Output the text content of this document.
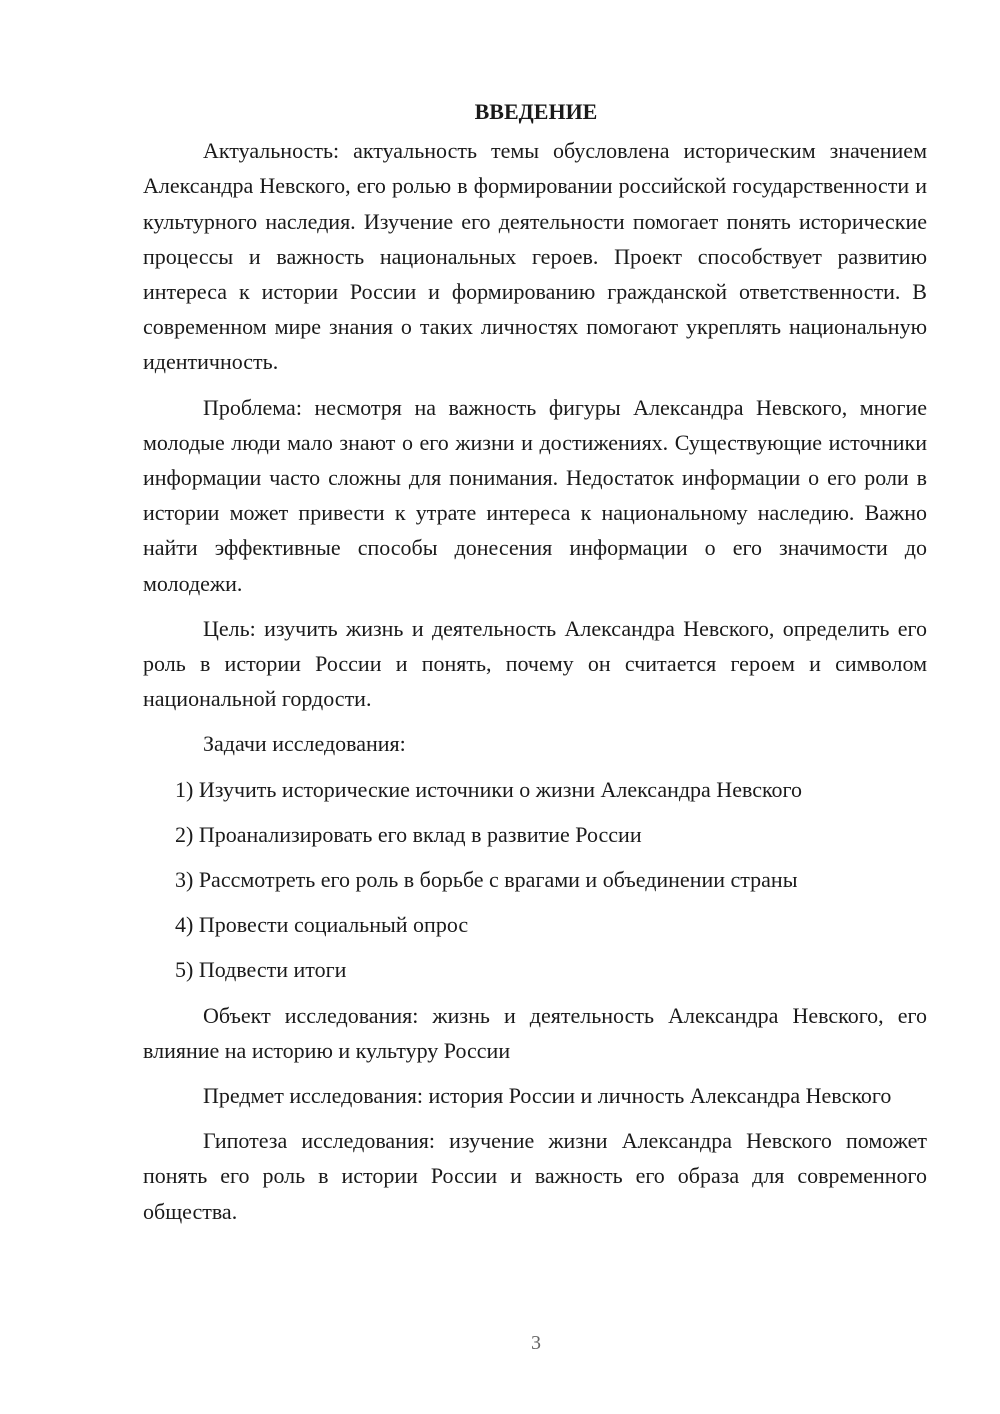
ВВЕДЕНИЕ

Актуальность: актуальность темы обусловлена историческим значением Александра Невского, его ролью в формировании российской государственности и культурного наследия. Изучение его деятельности помогает понять исторические процессы и важность национальных героев. Проект способствует развитию интереса к истории России и формированию гражданской ответственности. В современном мире знания о таких личностях помогают укреплять национальную идентичность.

Проблема: несмотря на важность фигуры Александра Невского, многие молодые люди мало знают о его жизни и достижениях. Существующие источники информации часто сложны для понимания. Недостаток информации о его роли в истории может привести к утрате интереса к национальному наследию. Важно найти эффективные способы донесения информации о его значимости до молодежи.

Цель: изучить жизнь и деятельность Александра Невского, определить его роль в истории России и понять, почему он считается героем и символом национальной гордости.

Задачи исследования:

1) Изучить исторические источники о жизни Александра Невского
2) Проанализировать его вклад в развитие России
3) Рассмотреть его роль в борьбе с врагами и объединении страны
4) Провести социальный опрос
5) Подвести итоги

Объект исследования: жизнь и деятельность Александра Невского, его влияние на историю и культуру России

Предмет исследования: история России и личность Александра Невского

Гипотеза исследования: изучение жизни Александра Невского поможет понять его роль в истории России и важность его образа для современного общества.

3
